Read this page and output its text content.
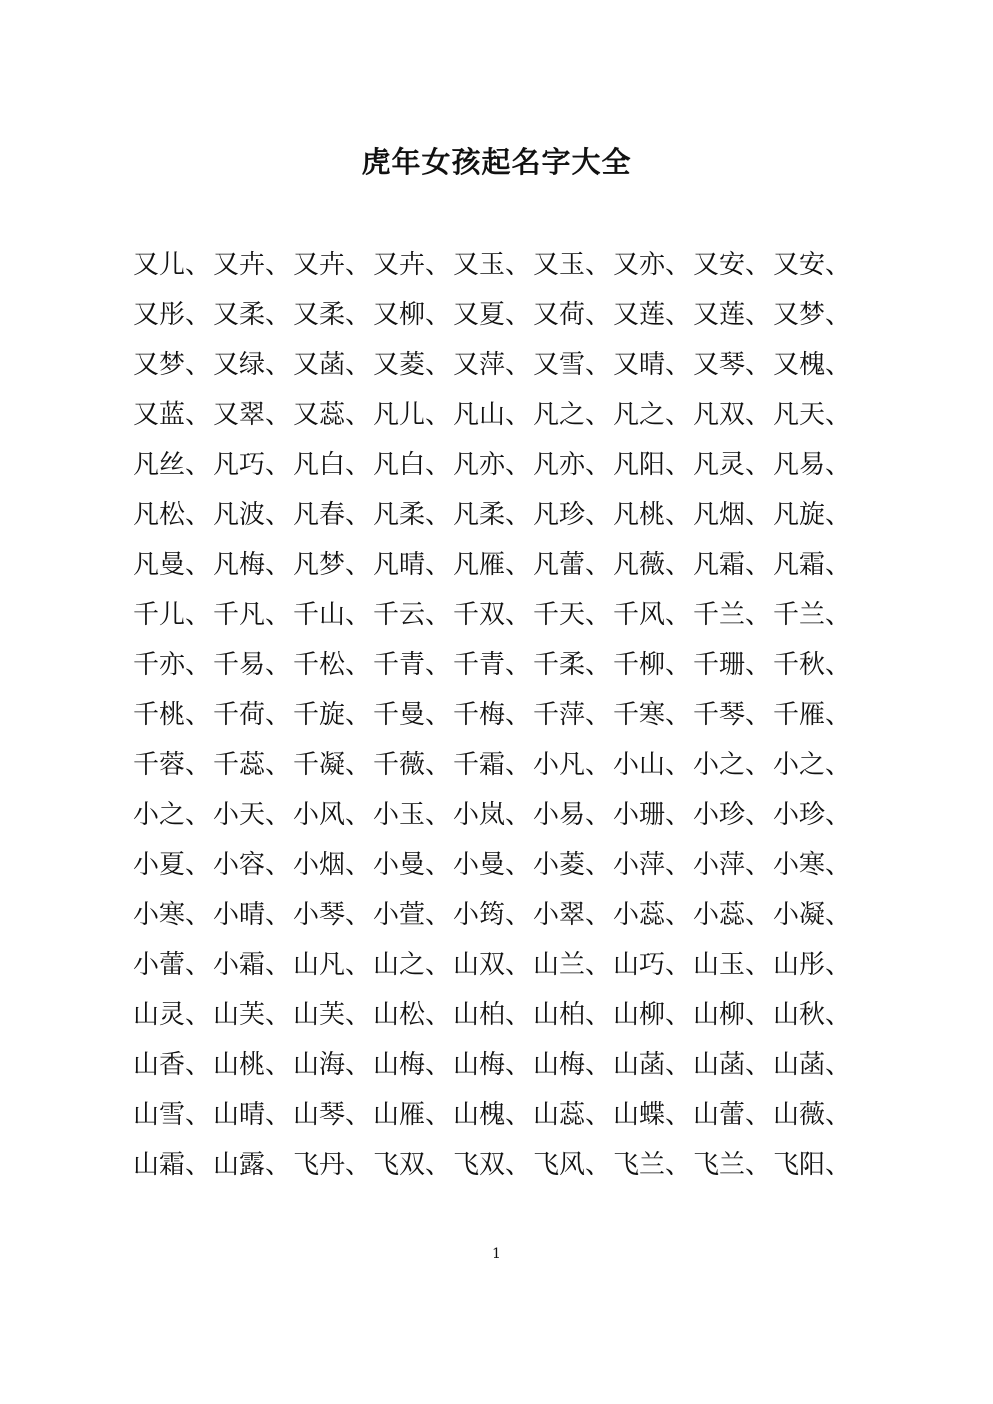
虎年女孩起名字大全
又儿、又卉、又卉、又卉、又玉、又玉、又亦、又安、又安、
又彤、又柔、又柔、又柳、又夏、又荷、又莲、又莲、又梦、
又梦、又绿、又菡、又菱、又萍、又雪、又晴、又琴、又槐、
又蓝、又翠、又蕊、凡儿、凡山、凡之、凡之、凡双、凡天、
凡丝、凡巧、凡白、凡白、凡亦、凡亦、凡阳、凡灵、凡易、
凡松、凡波、凡春、凡柔、凡柔、凡珍、凡桃、凡烟、凡旋、
凡曼、凡梅、凡梦、凡晴、凡雁、凡蕾、凡薇、凡霜、凡霜、
千儿、千凡、千山、千云、千双、千天、千风、千兰、千兰、
千亦、千易、千松、千青、千青、千柔、千柳、千珊、千秋、
千桃、千荷、千旋、千曼、千梅、千萍、千寒、千琴、千雁、
千蓉、千蕊、千凝、千薇、千霜、小凡、小山、小之、小之、
小之、小天、小风、小玉、小岚、小易、小珊、小珍、小珍、
小夏、小容、小烟、小曼、小曼、小菱、小萍、小萍、小寒、
小寒、小晴、小琴、小萱、小筠、小翠、小蕊、小蕊、小凝、
小蕾、小霜、山凡、山之、山双、山兰、山巧、山玉、山彤、
山灵、山芙、山芙、山松、山柏、山柏、山柳、山柳、山秋、
山香、山桃、山海、山梅、山梅、山梅、山菡、山菡、山菡、
山雪、山晴、山琴、山雁、山槐、山蕊、山蝶、山蕾、山薇、
山霜、山露、飞丹、飞双、飞双、飞风、飞兰、飞兰、飞阳、
1
